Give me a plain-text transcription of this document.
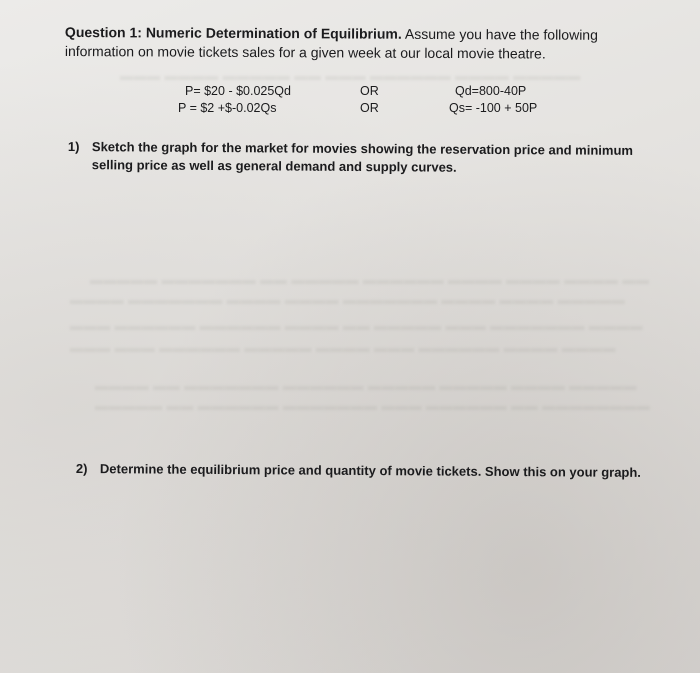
▬▬▬ ▬▬▬▬ ▬▬▬▬▬ ▬▬ ▬▬▬ ▬▬▬▬▬▬ ▬▬▬▬ ▬▬▬▬▬
▬▬▬▬▬ ▬▬▬▬▬▬▬ ▬▬ ▬▬▬▬▬ ▬▬▬▬▬▬ ▬▬▬▬ ▬▬▬▬ ▬▬▬▬ ▬▬
▬▬▬▬ ▬▬▬▬▬▬▬ ▬▬▬▬ ▬▬▬▬ ▬▬▬▬▬▬▬ ▬▬▬▬ ▬▬▬▬ ▬▬▬▬▬
▬▬▬ ▬▬▬▬▬▬ ▬▬▬▬▬▬ ▬▬▬▬ ▬▬ ▬▬▬▬▬ ▬▬▬ ▬▬▬▬▬▬▬ ▬▬▬▬
▬▬▬ ▬▬▬ ▬▬▬▬▬▬ ▬▬▬▬▬ ▬▬▬▬ ▬▬▬ ▬▬▬▬▬▬ ▬▬▬▬ ▬▬▬▬
▬▬▬▬ ▬▬ ▬▬▬▬▬▬▬ ▬▬▬▬▬▬ ▬▬▬▬▬ ▬▬▬▬▬ ▬▬▬▬ ▬▬▬▬▬
▬▬▬▬▬ ▬▬ ▬▬▬▬▬▬ ▬▬▬▬▬▬▬ ▬▬▬ ▬▬▬▬▬▬ ▬▬ ▬▬▬▬▬▬▬▬
Question 1: Numeric Determination of Equilibrium. Assume you have the following information on movie tickets sales for a given week at our local movie theatre.
P= $20 - $0.025Qd	OR	Qd=800-40P
P = $2 +$-0.02Qs	OR	Qs= -100 + 50P
1) Sketch the graph for the market for movies showing the reservation price and minimum selling price as well as general demand and supply curves.
2) Determine the equilibrium price and quantity of movie tickets. Show this on your graph.
